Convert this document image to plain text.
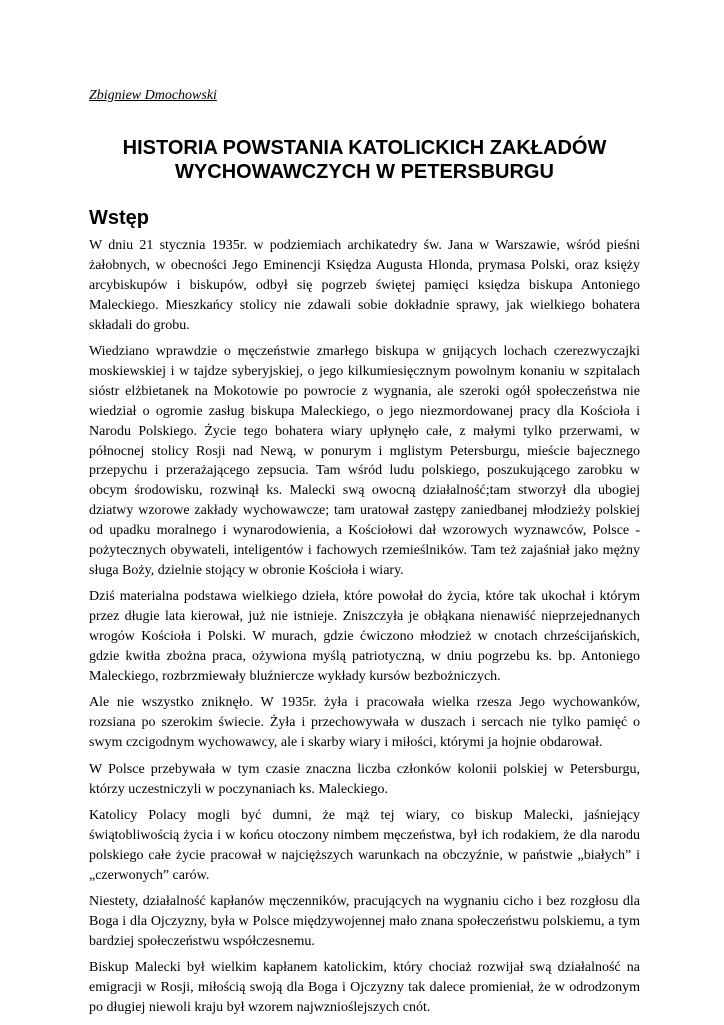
Zbigniew Dmochowski
HISTORIA POWSTANIA KATOLICKICH ZAKŁADÓW
WYCHOWAWCZYCH W PETERSBURGU
Wstęp

W dniu 21 stycznia 1935r. w podziemiach archikatedry św. Jana w Warszawie, wśród pieśni żałobnych, w obecności Jego Eminencji Księdza Augusta Hlonda, prymasa Polski, oraz księży arcybiskupów i biskupów, odbył się pogrzeb świętej pamięci księdza biskupa Antoniego Maleckiego. Mieszkańcy stolicy nie zdawali sobie dokładnie sprawy, jak wielkiego bohatera składali do grobu.

Wiedziano wprawdzie o męczeństwie zmarłego biskupa w gnijących lochach czerezwyczajki moskiewskiej i w tajdze syberyjskiej, o jego kilkumiesięcznym powolnym konaniu w szpitalach sióstr elżbietanek na Mokotowie po powrocie z wygnania, ale szeroki ogół społeczeństwa nie wiedział o ogromie zasług biskupa Maleckiego, o jego niezmordowanej pracy dla Kościoła i Narodu Polskiego. Życie tego bohatera wiary upłynęło całe, z małymi tylko przerwami, w północnej stolicy Rosji nad Newą, w ponurym i mglistym Petersburgu, mieście bajecznego przepychu i przerażającego zepsucia. Tam wśród ludu polskiego, poszukującego zarobku w obcym środowisku, rozwinął ks. Malecki swą owocną działalność;tam stworzył dla ubogiej dziatwy wzorowe zakłady wychowawcze; tam uratował zastępy zaniedbanej młodzieży polskiej od upadku moralnego i wynarodowienia, a Kościołowi dał wzorowych wyznawców, Polsce - pożytecznych obywateli, inteligentów i fachowych rzemieślników. Tam też zajaśniał jako mężny sługa Boży, dzielnie stojący w obronie Kościoła i wiary.

Dziś materialna podstawa wielkiego dzieła, które powołał do życia, które tak ukochał i którym przez długie lata kierował, już nie istnieje. Zniszczyła je obłąkana nienawiść nieprzejednanych wrogów Kościoła i Polski. W murach, gdzie ćwiczono młodzież w cnotach chrześcijańskich, gdzie kwitła zbożna praca, ożywiona myślą patriotyczną, w dniu pogrzebu ks. bp. Antoniego Maleckiego, rozbrzmiewały bluźniercze wykłady kursów bezbożniczych.

Ale nie wszystko zniknęło. W 1935r. żyła i pracowała wielka rzesza Jego wychowanków, rozsiana po szerokim świecie. Żyła i przechowywała w duszach i sercach nie tylko pamięć o swym czcigodnym wychowawcy, ale i skarby wiary i miłości, którymi ja hojnie obdarował.

W Polsce przebywała w tym czasie znaczna liczba członków kolonii polskiej w Petersburgu, którzy uczestniczyli w poczynaniach ks. Maleckiego.

Katolicy Polacy mogli być dumni, że mąż tej wiary, co biskup Malecki, jaśniejący świątobliwością życia i w końcu otoczony nimbem męczeństwa, był ich rodakiem, że dla narodu polskiego całe życie pracował w najcięższych warunkach na obczyźnie, w państwie „białych” i „czerwonych” carów.

Niestety, działalność kapłanów męczenników, pracujących na wygnaniu cicho i bez rozgłosu dla Boga i dla Ojczyzny, była w Polsce międzywojennej mało znana społeczeństwu polskiemu, a tym bardziej społeczeństwu współczesnemu.

Biskup Malecki był wielkim kapłanem katolickim, który chociaż rozwijał swą działalność na emigracji w Rosji, miłością swoją dla Boga i Ojczyzny tak dalece promieniał, że w odrodzonym po długiej niewoli kraju był wzorem najwznioślejszych cnót.
